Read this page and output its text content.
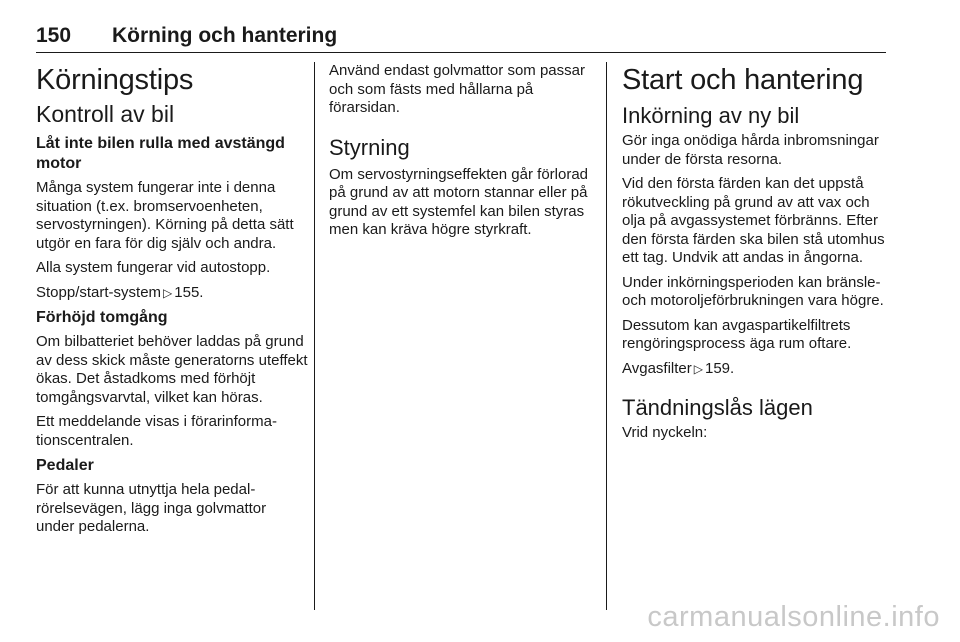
150 Körning och hantering
Körningstips
Kontroll av bil
Låt inte bilen rulla med avstängd motor

Många system fungerar inte i denna situation (t.ex. bromservoenheten, servostyrningen). Körning på detta sätt utgör en fara för dig själv och andra.

Alla system fungerar vid autostopp.

Stopp/start-system ▷ 155.

Förhöjd tomgång

Om bilbatteriet behöver laddas på grund av dess skick måste generatorns uteffekt ökas. Det åstadkoms med förhöjt tomgångsvarvtal, vilket kan höras.

Ett meddelande visas i förarinformationscentralen.

Pedaler

För att kunna utnyttja hela pedalrörelsevägen, lägg inga golvmattor under pedalerna.

Använd endast golvmattor som passar och som fästs med hållarna på förarsidan.

Styrning

Om servostyrningseffekten går förlorad på grund av att motorn stannar eller på grund av ett systemfel kan bilen styras men kan kräva högre styrkraft.

Start och hantering
Inkörning av ny bil

Gör inga onödiga hårda inbromsningar under de första resorna.

Vid den första färden kan det uppstå rökutveckling på grund av att vax och olja på avgassystemet förbränns. Efter den första färden ska bilen stå utomhus ett tag. Undvik att andas in ångorna.

Under inkörningsperioden kan bränsle- och motoroljeförbrukningen vara högre.

Dessutom kan avgaspartikelfiltrets rengöringsprocess äga rum oftare.

Avgasfilter ▷ 159.

Tändningslås lägen

Vrid nyckeln:

carmanualsonline.info
